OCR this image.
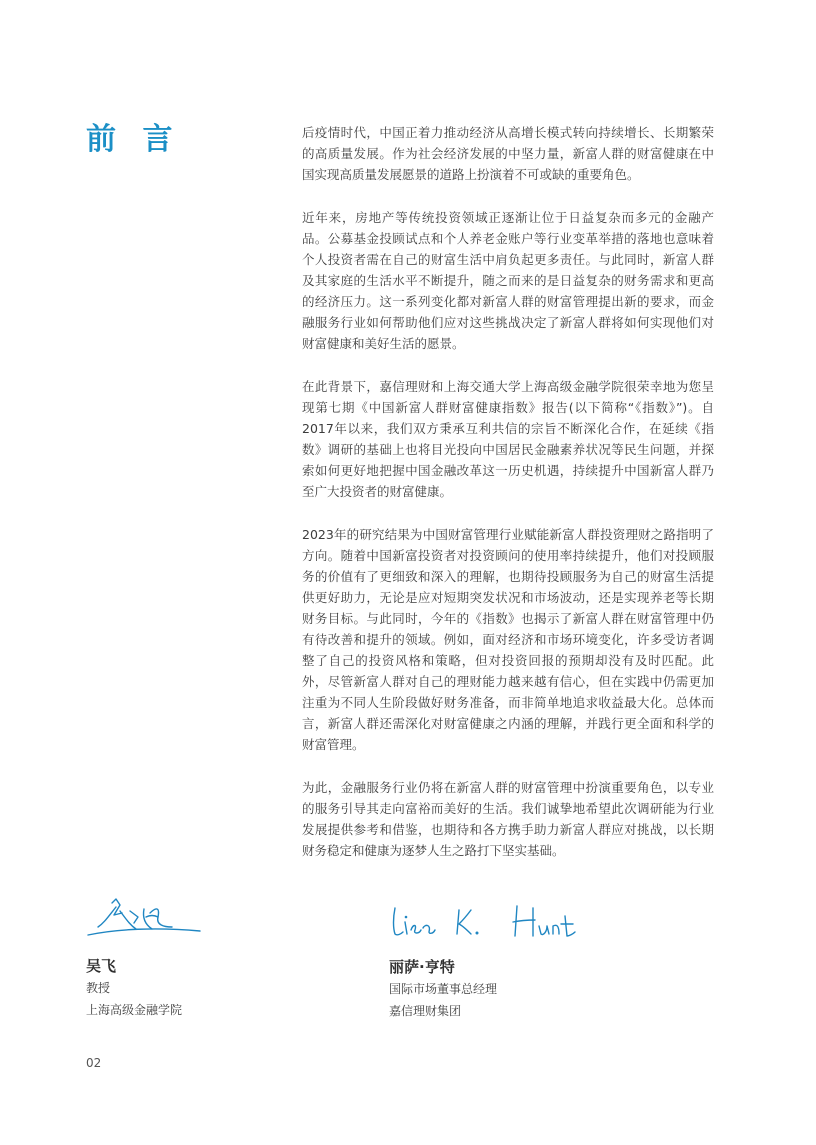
前 言	后疫情时代，中国正着力推动经济从高增长模式转向持续增长、长期繁荣的高质量发展。作为社会经济发展的中坚力量，新富人群的财富健康在中国实现高质量发展愿景的道路上扮演着不可或缺的重要角色。

近年来，房地产等传统投资领域正逐渐让位于日益复杂而多元的金融产品。公募基金投顾试点和个人养老金账户等行业变革举措的落地也意味着个人投资者需在自己的财富生活中肩负起更多责任。与此同时，新富人群及其家庭的生活水平不断提升，随之而来的是日益复杂的财务需求和更高的经济压力。这一系列变化都对新富人群的财富管理提出新的要求，而金融服务行业如何帮助他们应对这些挑战决定了新富人群将如何实现他们对财富健康和美好生活的愿景。

在此背景下，嘉信理财和上海交通大学上海高级金融学院很荣幸地为您呈现第七期《中国新富人群财富健康指数》报告(以下简称“《指数》”)。自2017年以来，我们双方秉承互利共信的宗旨不断深化合作，在延续《指数》调研的基础上也将目光投向中国居民金融素养状况等民生问题，并探索如何更好地把握中国金融改革这一历史机遇，持续提升中国新富人群乃至广大投资者的财富健康。

2023年的研究结果为中国财富管理行业赋能新富人群投资理财之路指明了方向。随着中国新富投资者对投资顾问的使用率持续提升，他们对投顾服务的价值有了更细致和深入的理解，也期待投顾服务为自己的财富生活提供更好助力，无论是应对短期突发状况和市场波动，还是实现养老等长期财务目标。与此同时，今年的《指数》也揭示了新富人群在财富管理中仍有待改善和提升的领域。例如，面对经济和市场环境变化，许多受访者调整了自己的投资风格和策略，但对投资回报的预期却没有及时匹配。此外，尽管新富人群对自己的理财能力越来越有信心，但在实践中仍需更加注重为不同人生阶段做好财务准备，而非简单地追求收益最大化。总体而言，新富人群还需深化对财富健康之内涵的理解，并践行更全面和科学的财富管理。

为此，金融服务行业仍将在新富人群的财富管理中扮演重要角色，以专业的服务引导其走向富裕而美好的生活。我们诚挚地希望此次调研能为行业发展提供参考和借鉴，也期待和各方携手助力新富人群应对挑战，以长期财务稳定和健康为逐梦人生之路打下坚实基础。

吴飞

教授

上海高级金融学院

丽萨·亨特

国际市场董事总经理

嘉信理财集团

02
